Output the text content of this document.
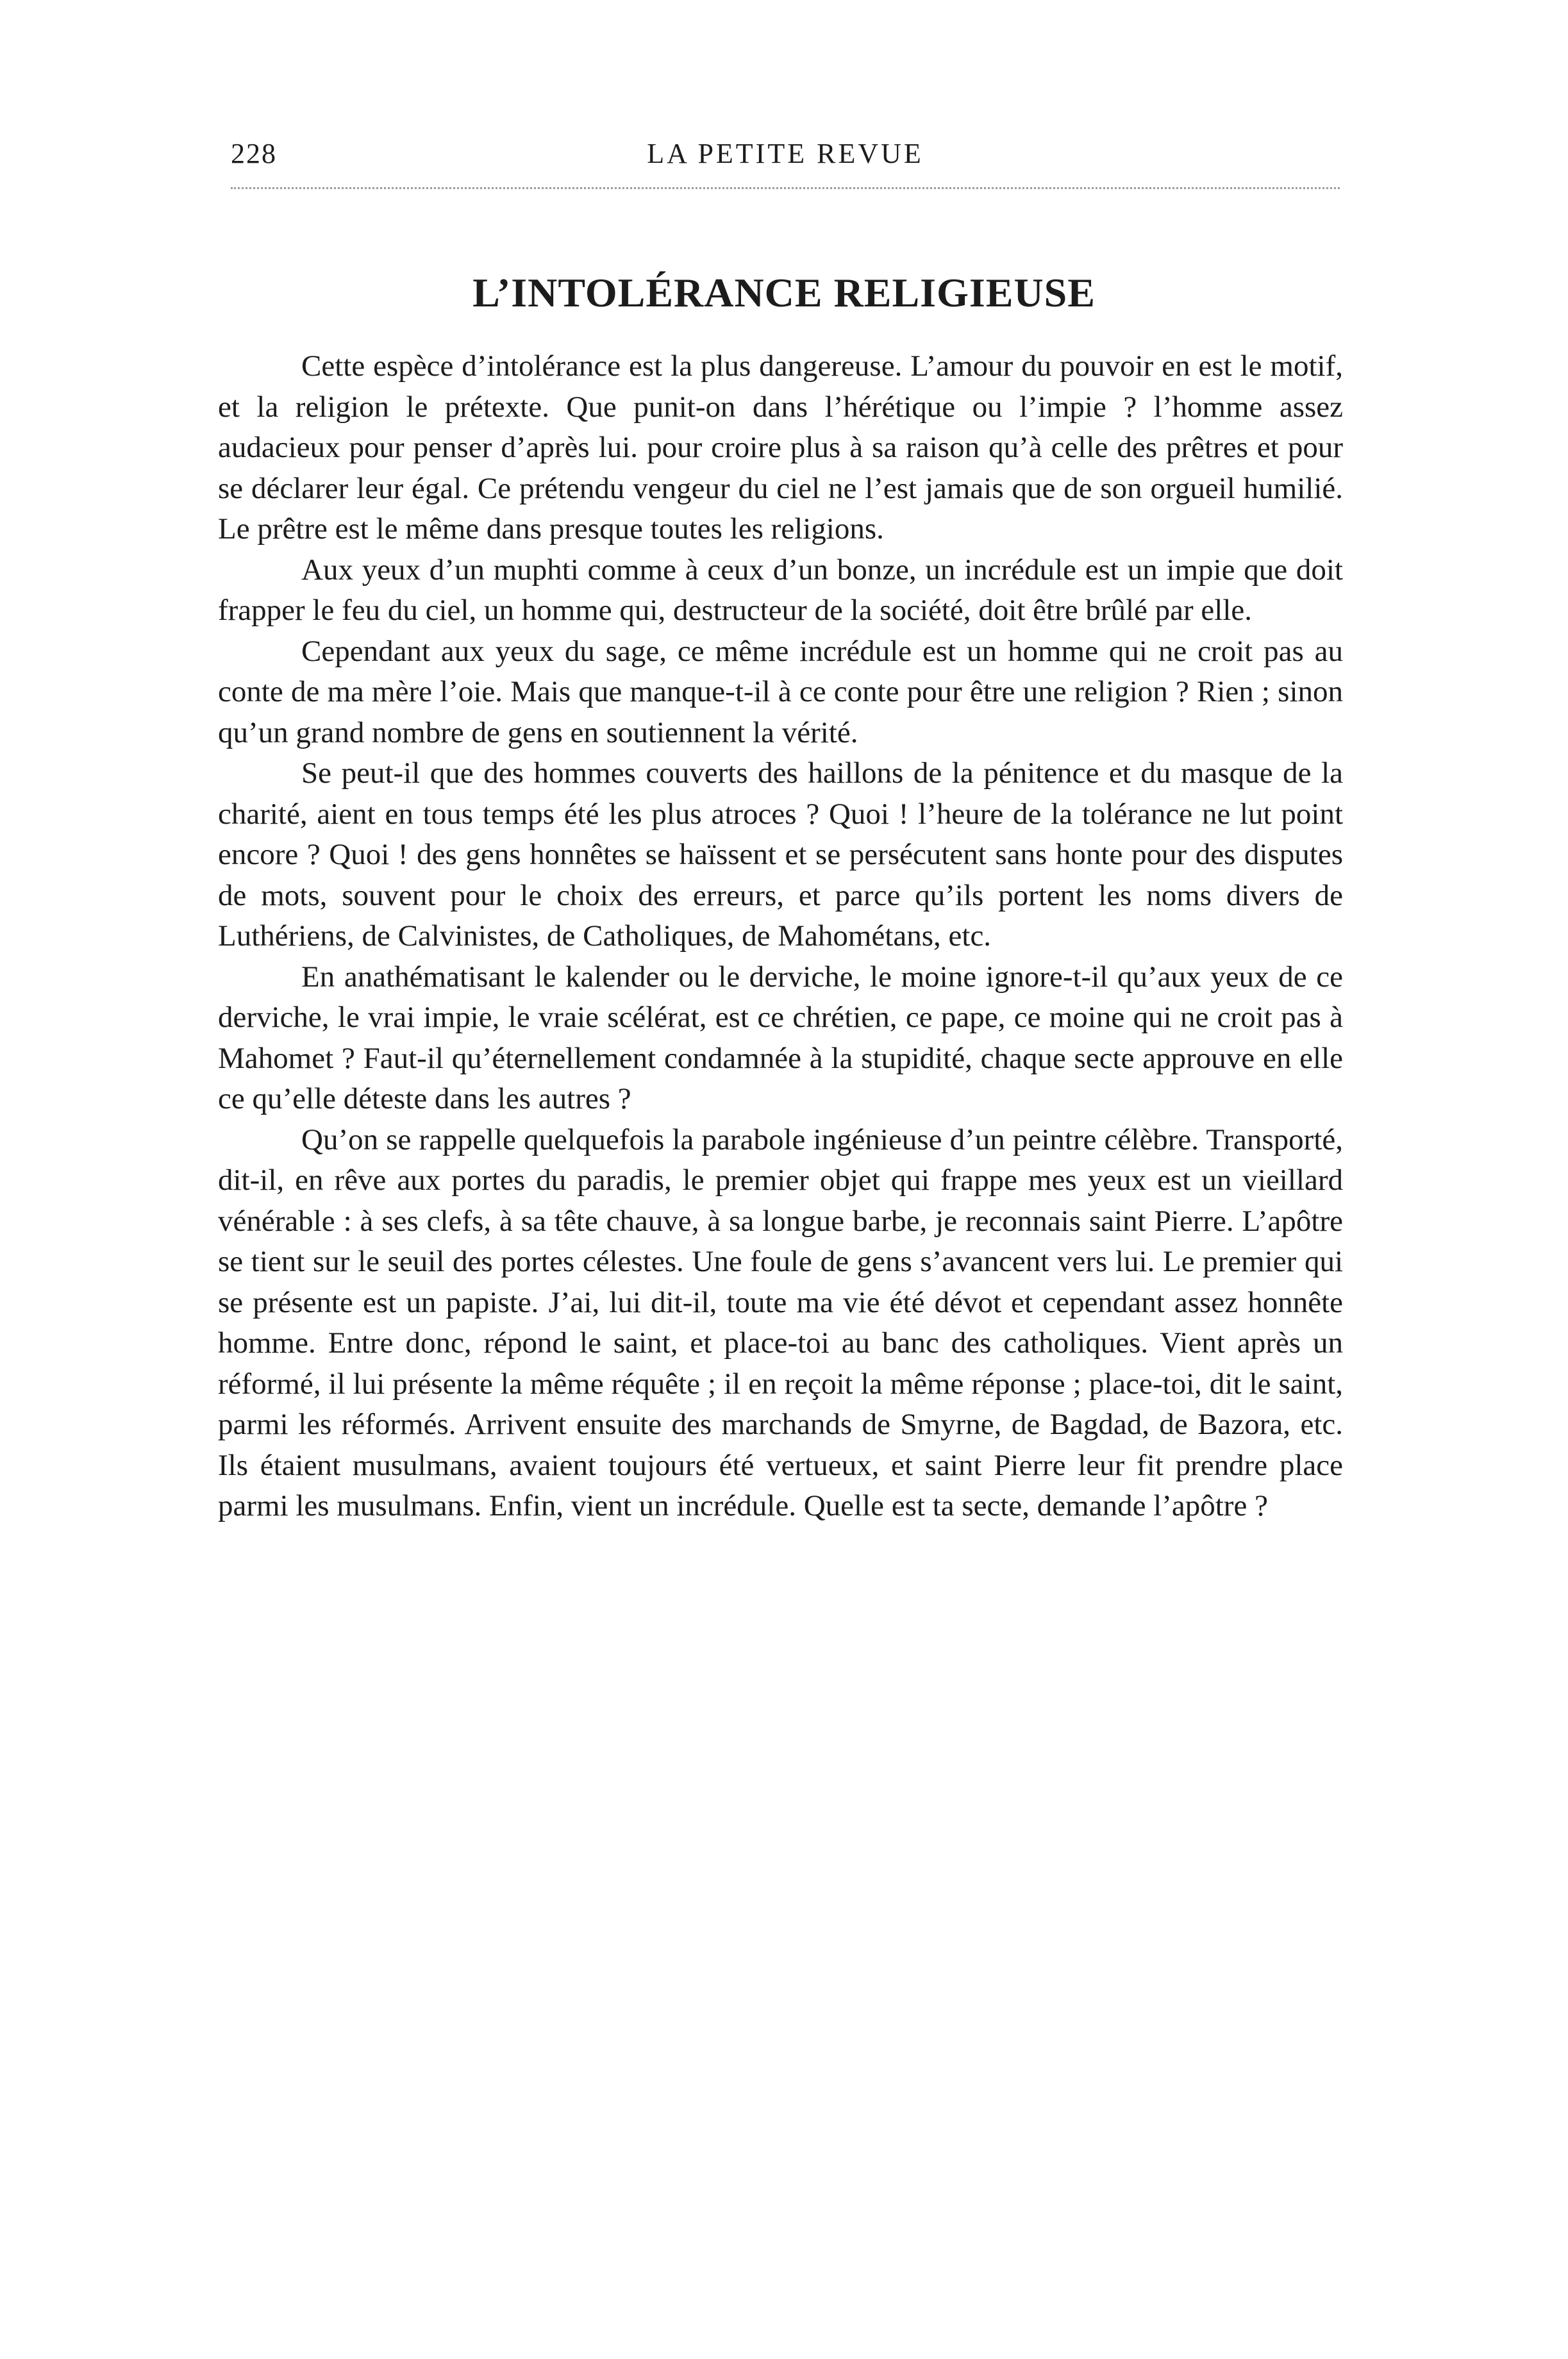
228	LA PETITE REVUE
L’INTOLÉRANCE RELIGIEUSE

Cette espèce d’intolérance est la plus dangereuse. L’amour du pouvoir en est le motif, et la religion le prétexte. Que punit-on dans l’hérétique ou l’impie ? l’homme assez audacieux pour penser d’après lui. pour croire plus à sa raison qu’à celle des prêtres et pour se déclarer leur égal. Ce prétendu vengeur du ciel ne l’est jamais que de son orgueil humilié. Le prêtre est le même dans presque toutes les religions.

Aux yeux d’un muphti comme à ceux d’un bonze, un incrédule est un impie que doit frapper le feu du ciel, un homme qui, destructeur de la société, doit être brûlé par elle.

Cependant aux yeux du sage, ce même incrédule est un homme qui ne croit pas au conte de ma mère l’oie. Mais que manque-t-il à ce conte pour être une religion ? Rien ; sinon qu’un grand nombre de gens en soutiennent la vérité.

Se peut-il que des hommes couverts des haillons de la pénitence et du masque de la charité, aient en tous temps été les plus atroces ? Quoi ! l’heure de la tolérance ne lut point encore ? Quoi ! des gens honnêtes se haïssent et se persécutent sans honte pour des disputes de mots, souvent pour le choix des erreurs, et parce qu’ils portent les noms divers de Luthériens, de Calvinistes, de Catholiques, de Mahométans, etc.

En anathématisant le kalender ou le derviche, le moine ignore-t-il qu’aux yeux de ce derviche, le vrai impie, le vraie scélérat, est ce chrétien, ce pape, ce moine qui ne croit pas à Mahomet ? Faut-il qu’éternellement condamnée à la stupidité, chaque secte approuve en elle ce qu’elle déteste dans les autres ?

Qu’on se rappelle quelquefois la parabole ingénieuse d’un peintre célèbre. Transporté, dit-il, en rêve aux portes du paradis, le premier objet qui frappe mes yeux est un vieillard vénérable : à ses clefs, à sa tête chauve, à sa longue barbe, je reconnais saint Pierre. L’apôtre se tient sur le seuil des portes célestes. Une foule de gens s’avancent vers lui. Le premier qui se présente est un papiste. J’ai, lui dit-il, toute ma vie été dévot et cependant assez honnête homme. Entre donc, répond le saint, et place-toi au banc des catholiques. Vient après un réformé, il lui présente la même réquête ; il en reçoit la même réponse ; place-toi, dit le saint, parmi les réformés. Arrivent ensuite des marchands de Smyrne, de Bagdad, de Bazora, etc. Ils étaient musulmans, avaient toujours été vertueux, et saint Pierre leur fit prendre place parmi les musulmans. Enfin, vient un incrédule. Quelle est ta secte, demande l’apôtre ?
